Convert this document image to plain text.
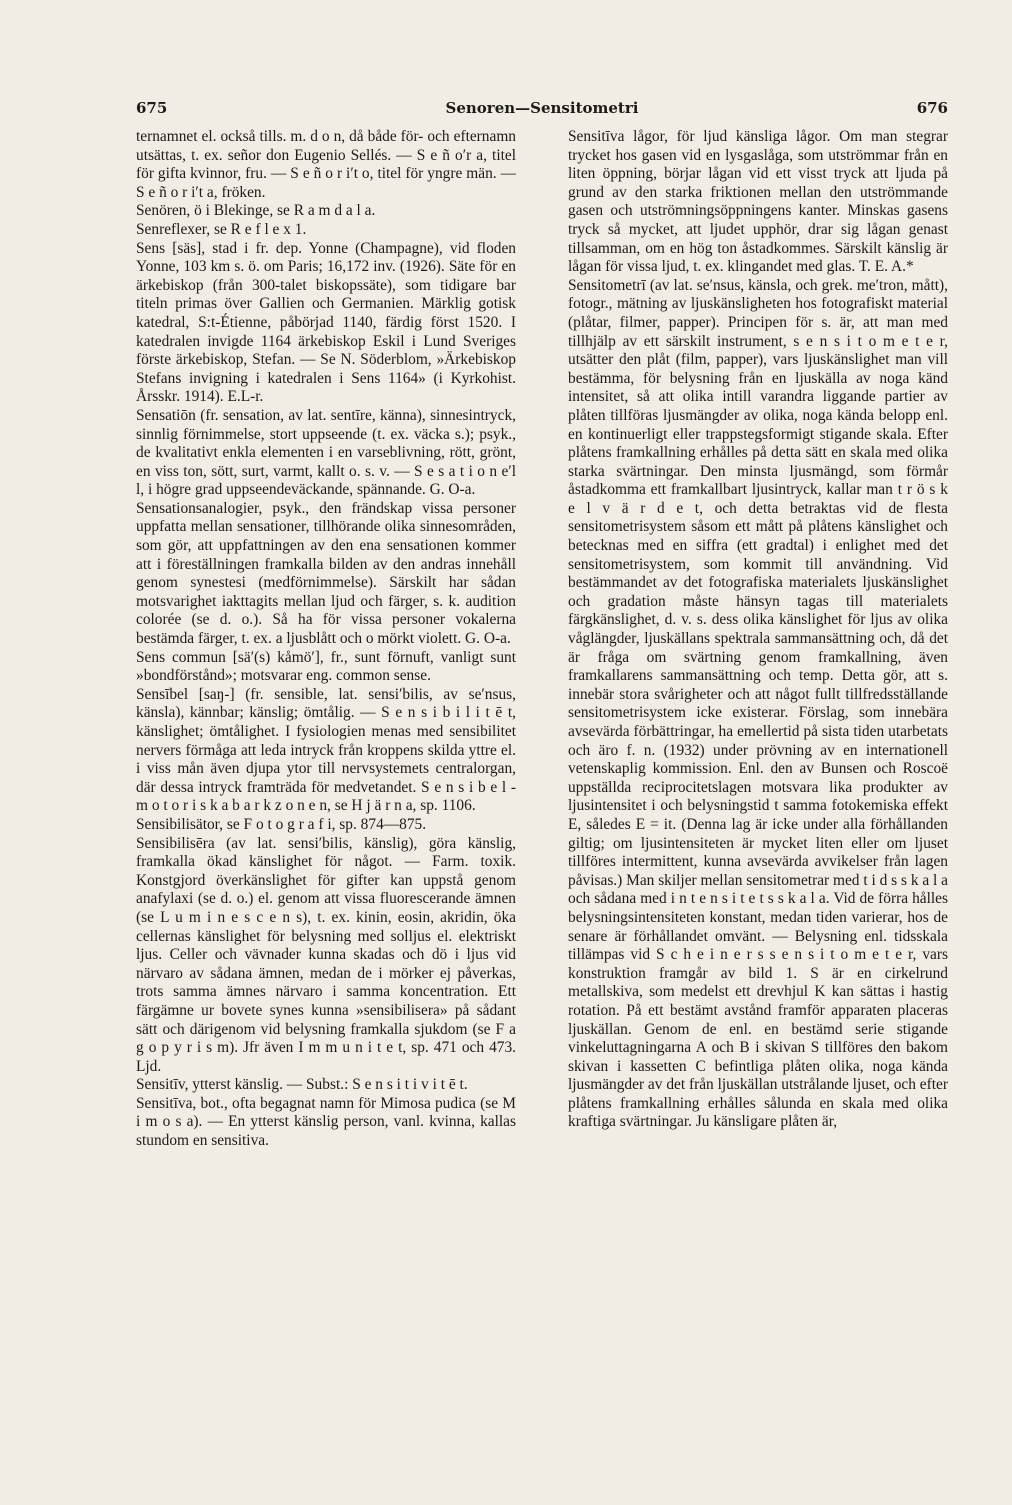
675	Senoren—Sensitometri	676

ternamnet el. också tills. m. d o n, då både för- och efternamn utsättas, t. ex. señor don Eugenio Sellés. — S e ñ o′r a, titel för gifta kvinnor, fru. — S e ñ o r i′t o, titel för yngre män. — S e ñ o r i′t a, fröken.

Senören, ö i Blekinge, se R a m d a l a.

Senreflexer, se R e f l e x 1.

Sens [säs], stad i fr. dep. Yonne (Champagne), vid floden Yonne, 103 km s. ö. om Paris; 16,172 inv. (1926). Säte för en ärkebiskop (från 300-talet biskopssäte), som tidigare bar titeln primas över Gallien och Germanien. Märklig gotisk katedral, S:t-Étienne, påbörjad 1140, färdig först 1520. I katedralen invigde 1164 ärkebiskop Eskil i Lund Sveriges förste ärkebiskop, Stefan. — Se N. Söderblom, »Ärkebiskop Stefans invigning i katedralen i Sens 1164» (i Kyrkohist. Årsskr. 1914). E.L-r.

Sensatiōn (fr. sensation, av lat. sentīre, känna), sinnesintryck, sinnlig förnimmelse, stort uppseende (t. ex. väcka s.); psyk., de kvalitativt enkla elementen i en varseblivning, rött, grönt, en viss ton, sött, surt, varmt, kallt o. s. v. — S e s a t i o n e′l l, i högre grad uppseendeväckande, spännande. G. O-a.

Sensationsanalogier, psyk., den frändskap vissa personer uppfatta mellan sensationer, tillhörande olika sinnesområden, som gör, att uppfattningen av den ena sensationen kommer att i föreställningen framkalla bilden av den andras innehåll genom synestesi (medförnimmelse). Särskilt har sådan motsvarighet iakttagits mellan ljud och färger, s. k. audition colorée (se d. o.). Så ha för vissa personer vokalerna bestämda färger, t. ex. a ljusblått och o mörkt violett. G. O-a.

Sens commun [sä′(s) kåmö′], fr., sunt förnuft, vanligt sunt »bondförstånd»; motsvarar eng. common sense.

Sensībel [saŋ-] (fr. sensible, lat. sensi′bilis, av se′nsus, känsla), kännbar; känslig; ömtålig. — S e n s i b i l i t ē t, känslighet; ömtålighet. I fysiologien menas med sensibilitet nervers förmåga att leda intryck från kroppens skilda yttre el. i viss mån även djupa ytor till nervsystemets centralorgan, där dessa intryck framträda för medvetandet. S e n s i b e l - m o t o r i s k a b a r k z o n e n, se H j ä r n a, sp. 1106.

Sensibilisätor, se F o t o g r a f i, sp. 874—875.

Sensibilisēra (av lat. sensi′bilis, känslig), göra känslig, framkalla ökad känslighet för något. — Farm. toxik. Konstgjord överkänslighet för gifter kan uppstå genom anafylaxi (se d. o.) el. genom att vissa fluorescerande ämnen (se L u m i n e s c e n s), t. ex. kinin, eosin, akridin, öka cellernas känslighet för belysning med solljus el. elektriskt ljus. Celler och vävnader kunna skadas och dö i ljus vid närvaro av sådana ämnen, medan de i mörker ej påverkas, trots samma ämnes närvaro i samma koncentration. Ett färgämne ur bovete synes kunna »sensibilisera» på sådant sätt och därigenom vid belysning framkalla sjukdom (se F a g o p y r i s m). Jfr även I m m u n i t e t, sp. 471 och 473. Ljd.

Sensitīv, ytterst känslig. — Subst.: S e n s i t i v i t ē t.

Sensitīva, bot., ofta begagnat namn för Mimosa pudica (se M i m o s a). — En ytterst känslig person, vanl. kvinna, kallas stundom en sensitiva.

Sensitīva lågor, för ljud känsliga lågor. Om man stegrar trycket hos gasen vid en lysgaslåga, som utströmmar från en liten öppning, börjar lågan vid ett visst tryck att ljuda på grund av den starka friktionen mellan den utströmmande gasen och utströmningsöppningens kanter. Minskas gasens tryck så mycket, att ljudet upphör, drar sig lågan genast tillsamman, om en hög ton åstadkommes. Särskilt känslig är lågan för vissa ljud, t. ex. klingandet med glas. T. E. A.*

Sensitometrī (av lat. se′nsus, känsla, och grek. me′tron, mått), fotogr., mätning av ljuskänsligheten hos fotografiskt material (plåtar, filmer, papper). Principen för s. är, att man med tillhjälp av ett särskilt instrument, s e n s i t o m e t e r, utsätter den plåt (film, papper), vars ljuskänslighet man vill bestämma, för belysning från en ljuskälla av noga känd intensitet, så att olika intill varandra liggande partier av plåten tillföras ljusmängder av olika, noga kända belopp enl. en kontinuerligt eller trappstegsformigt stigande skala. Efter plåtens framkallning erhålles på detta sätt en skala med olika starka svärtningar. Den minsta ljusmängd, som förmår åstadkomma ett framkallbart ljusintryck, kallar man t r ö s k e l v ä r d e t, och detta betraktas vid de flesta sensitometrisystem såsom ett mått på plåtens känslighet och betecknas med en siffra (ett gradtal) i enlighet med det sensitometrisystem, som kommit till användning. Vid bestämmandet av det fotografiska materialets ljuskänslighet och gradation måste hänsyn tagas till materialets färgkänslighet, d. v. s. dess olika känslighet för ljus av olika våglängder, ljuskällans spektrala sammansättning och, då det är fråga om svärtning genom framkallning, även framkallarens sammansättning och temp. Detta gör, att s. innebär stora svårigheter och att något fullt tillfredsställande sensitometrisystem icke existerar. Förslag, som innebära avsevärda förbättringar, ha emellertid på sista tiden utarbetats och äro f. n. (1932) under prövning av en internationell vetenskaplig kommission. Enl. den av Bunsen och Roscoë uppställda reciprocitetslagen motsvara lika produkter av ljusintensitet i och belysningstid t samma fotokemiska effekt E, således E = it. (Denna lag är icke under alla förhållanden giltig; om ljusintensiteten är mycket liten eller om ljuset tillföres intermittent, kunna avsevärda avvikelser från lagen påvisas.) Man skiljer mellan sensitometrar med t i d s s k a l a och sådana med i n t e n s i t e t s s k a l a. Vid de förra hålles belysningsintensiteten konstant, medan tiden varierar, hos de senare är förhållandet omvänt. — Belysning enl. tidsskala tillämpas vid S c h e i n e r s s e n s i t o m e t e r, vars konstruktion framgår av bild 1. S är en cirkelrund metallskiva, som medelst ett drevhjul K kan sättas i hastig rotation. På ett bestämt avstånd framför apparaten placeras ljuskällan. Genom de enl. en bestämd serie stigande vinkeluttagningarna A och B i skivan S tillföres den bakom skivan i kassetten C befintliga plåten olika, noga kända ljusmängder av det från ljuskällan utstrålande ljuset, och efter plåtens framkallning erhålles sålunda en skala med olika kraftiga svärtningar. Ju känsligare plåten är,
